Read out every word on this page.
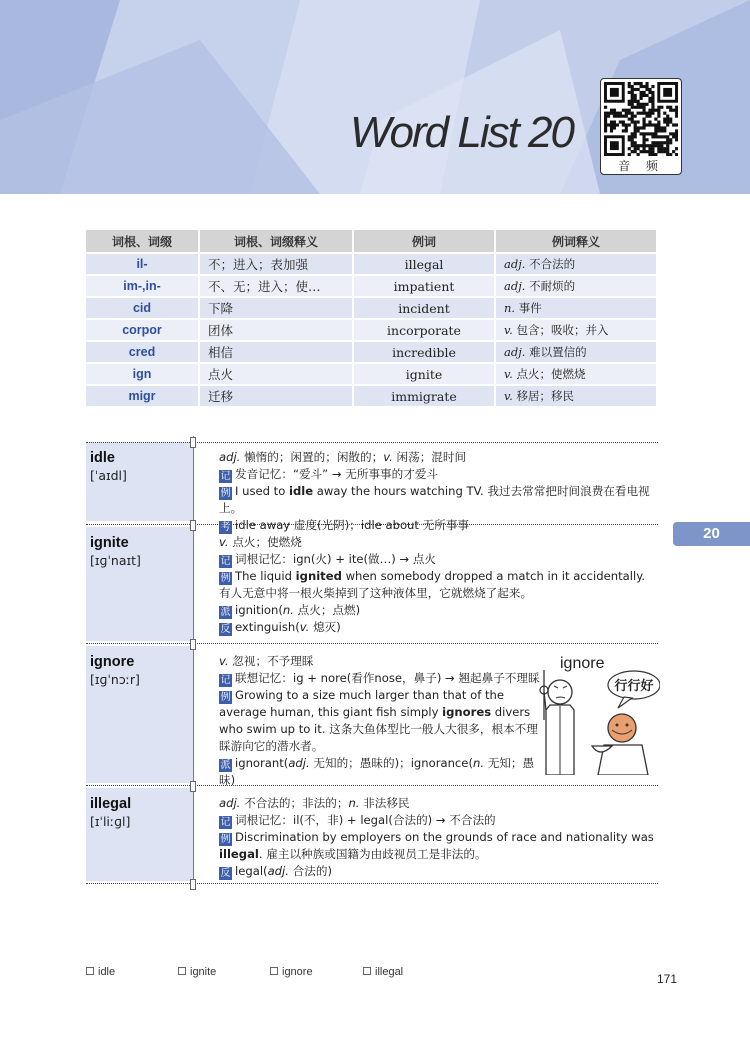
Word List 20
音 频
词根、词缀	词根、词缀释义	例词	例词释义
il-	不；进入；表加强	illegal	adj. 不合法的
im-,in-	不、无；进入；使…	impatient	adj. 不耐烦的
cid	下降	incident	n. 事件
corpor	团体	incorporate	v. 包含；吸收；并入
cred	相信	incredible	adj. 难以置信的
ign	点火	ignite	v. 点火；使燃烧
migr	迁移	immigrate	v. 移居；移民
idle
[ˈaɪdl]
adj. 懒惰的；闲置的；闲散的；v. 闲荡；混时间
记 发音记忆：“爱斗” → 无所事事的才爱斗
例 I used to idle away the hours watching TV. 我过去常常把时间浪费在看电视上。
考 idle away 虚度(光阴)；idle about 无所事事
ignite
[ɪɡˈnaɪt]
v. 点火；使燃烧
记 词根记忆：ign(火) + ite(做…) → 点火
例 The liquid ignited when somebody dropped a match in it accidentally. 有人无意中将一根火柴掉到了这种液体里，它就燃烧了起来。
派 ignition(n. 点火；点燃)
反 extinguish(v. 熄灭)
ignore
[ɪɡˈnɔːr]
v. 忽视；不予理睬
记 联想记忆：ig + nore(看作nose，鼻子) → 翘起鼻子不理睬
例 Growing to a size much larger than that of the average human, this giant fish simply ignores divers who swim up to it. 这条大鱼体型比一般人大很多，根本不理睬游向它的潜水者。
派 ignorant(adj. 无知的；愚昧的)；ignorance(n. 无知；愚昧)
ignore
行行好
illegal
[ɪˈliːɡl]
adj. 不合法的；非法的；n. 非法移民
记 词根记忆：il(不，非) + legal(合法的) → 不合法的
例 Discrimination by employers on the grounds of race and nationality was illegal. 雇主以种族或国籍为由歧视员工是非法的。
反 legal(adj. 合法的)
20
idle	ignite	ignore	illegal	171
